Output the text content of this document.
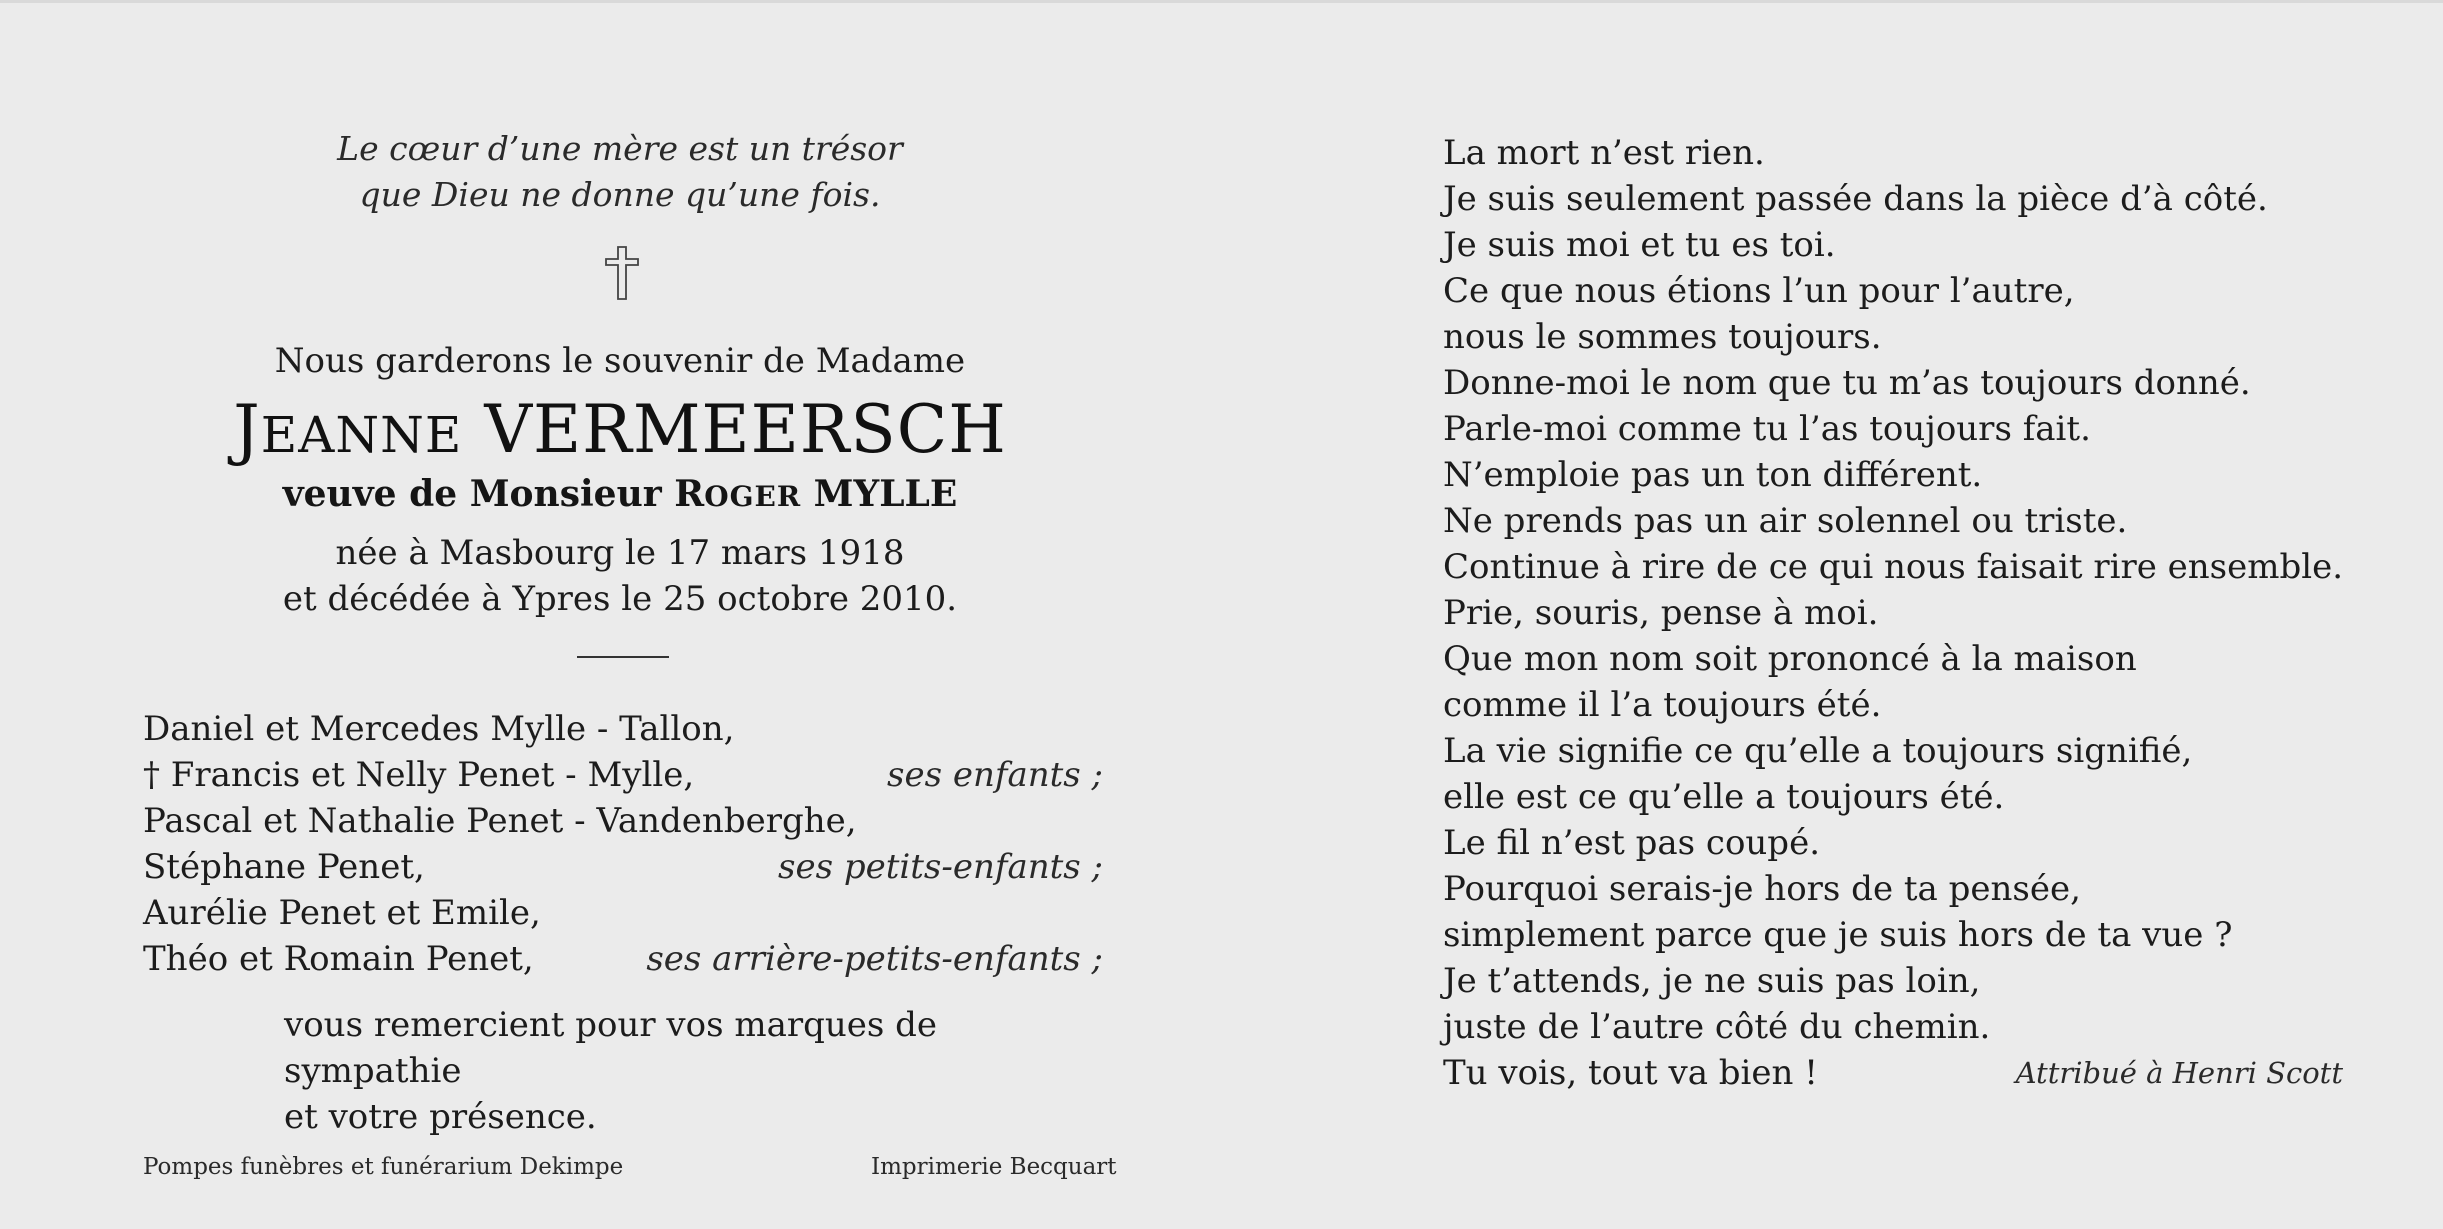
Le cœur d’une mère est un trésor
que Dieu ne donne qu’une fois.
Nous garderons le souvenir de Madame
JEANNE VERMEERSCH
veuve de Monsieur ROGER MYLLE
née à Masbourg le 17 mars 1918
et décédée à Ypres le 25 octobre 2010.
Daniel et Mercedes Mylle - Tallon,
† Francis et Nelly Penet - Mylle,	ses enfants ;
Pascal et Nathalie Penet - Vandenberghe,
Stéphane Penet,	ses petits-enfants ;
Aurélie Penet et Emile,
Théo et Romain Penet,	ses arrière-petits-enfants ;
vous remercient pour vos marques de sympathie
et votre présence.
Pompes funèbres et funérarium Dekimpe	Imprimerie Becquart
La mort n’est rien.
Je suis seulement passée dans la pièce d’à côté.
Je suis moi et tu es toi.
Ce que nous étions l’un pour l’autre,
nous le sommes toujours.
Donne-moi le nom que tu m’as toujours donné.
Parle-moi comme tu l’as toujours fait.
N’emploie pas un ton différent.
Ne prends pas un air solennel ou triste.
Continue à rire de ce qui nous faisait rire ensemble.
Prie, souris, pense à moi.
Que mon nom soit prononcé à la maison
comme il l’a toujours été.
La vie signifie ce qu’elle a toujours signifié,
elle est ce qu’elle a toujours été.
Le fil n’est pas coupé.
Pourquoi serais-je hors de ta pensée,
simplement parce que je suis hors de ta vue ?
Je t’attends, je ne suis pas loin,
juste de l’autre côté du chemin.
Tu vois, tout va bien !	Attribué à Henri Scott
